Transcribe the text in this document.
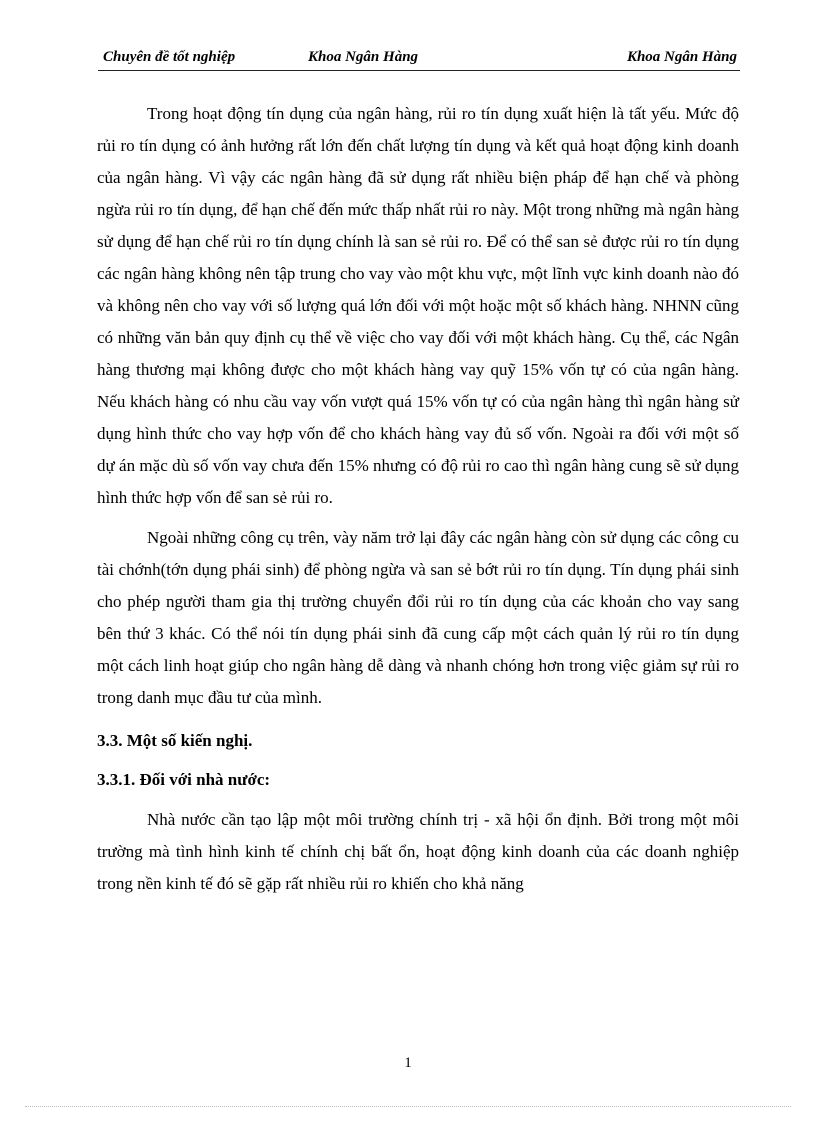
Chuyên đề tốt nghiệp	Khoa Ngân Hàng	Khoa Ngân Hàng

Trong hoạt động tín dụng của ngân hàng, rủi ro tín dụng xuất hiện là tất yếu. Mức độ rủi ro tín dụng có ảnh hưởng rất lớn đến chất lượng tín dụng và kết quả hoạt động kinh doanh của ngân hàng. Vì vậy các ngân hàng đã sử dụng rất nhiều biện pháp để hạn chế và phòng ngừa rủi ro tín dụng, để hạn chế đến mức thấp nhất rủi ro này. Một trong những mà ngân hàng sử dụng để hạn chế rủi ro tín dụng chính là san sẻ rủi ro. Để có thể san sẻ được rủi ro tín dụng các ngân hàng không nên tập trung cho vay vào một khu vực, một lĩnh vực kinh doanh nào đó và không nên cho vay với số lượng quá lớn đối với một hoặc một số khách hàng. NHNN cũng có những văn bản quy định cụ thể về việc cho vay đối với một khách hàng. Cụ thể, các Ngân hàng thương mại không được cho một khách hàng vay quỹ 15% vốn tự có của ngân hàng. Nếu khách hàng có nhu cầu vay vốn vượt quá 15% vốn tự có của ngân hàng thì ngân hàng sử dụng hình thức cho vay hợp vốn để cho khách hàng vay đủ số vốn. Ngoài ra đối với một số dự án mặc dù số vốn vay chưa đến 15% nhưng có độ rủi ro cao thì ngân hàng cung sẽ sử dụng hình thức hợp vốn để san sẻ rủi ro.

Ngoài những công cụ trên, vày năm trở lại đây các ngân hàng còn sử dụng các công cu tài chớnh(tớn dụng phái sinh) để phòng ngừa và san sẻ bớt rủi ro tín dụng. Tín dụng phái sinh cho phép người tham gia thị trường chuyển đổi rủi ro tín dụng của các khoản cho vay sang bên thứ 3 khác. Có thể nói tín dụng phái sinh đã cung cấp một cách quản lý rủi ro tín dụng một cách linh hoạt giúp cho ngân hàng dễ dàng và nhanh chóng hơn trong việc giảm sự rủi ro trong danh mục đầu tư của mình.

3.3. Một số kiến nghị.
3.3.1. Đối với nhà nước:

Nhà nước cần tạo lập một môi trường chính trị - xã hội ổn định. Bởi trong một môi trường mà tình hình kinh tế chính chị bất ổn, hoạt động kinh doanh của các doanh nghiệp trong nền kinh tế đó sẽ gặp rất nhiều rủi ro khiến cho khả năng

1
